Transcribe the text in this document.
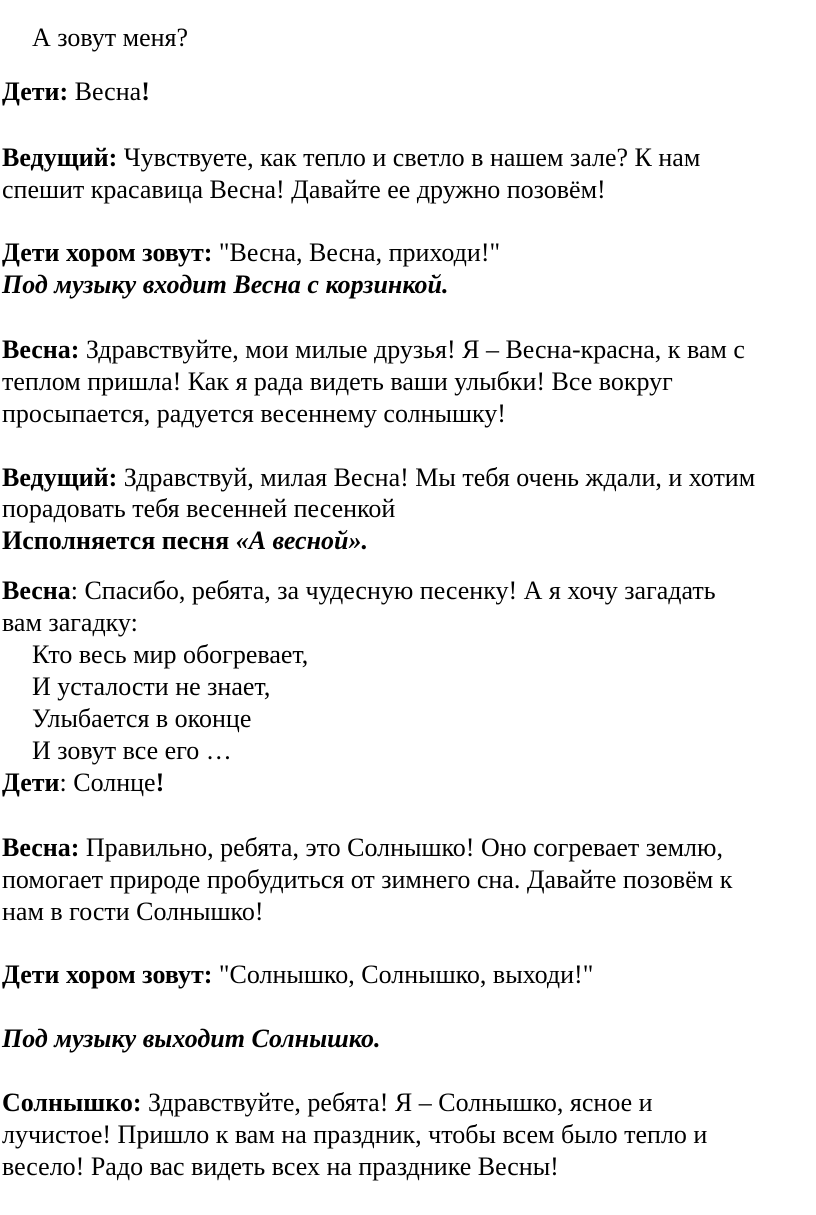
А зовут меня?
Дети: Весна!
Ведущий: Чувствуете, как тепло и светло в нашем зале? К нам
спешит красавица Весна! Давайте ее дружно позовём!
Дети хором зовут: "Весна, Весна, приходи!"
Под музыку входит Весна с корзинкой.
Весна: Здравствуйте, мои милые друзья! Я – Весна-красна, к вам с
теплом пришла! Как я рада видеть ваши улыбки! Все вокруг
просыпается, радуется весеннему солнышку!
Ведущий: Здравствуй, милая Весна! Мы тебя очень ждали, и хотим
порадовать тебя весенней песенкой
Исполняется песня «А весной».
Весна: Спасибо, ребята, за чудесную песенку! А я хочу загадать
вам загадку:
Кто весь мир обогревает,
И усталости не знает,
Улыбается в оконце
И зовут все его …
Дети: Солнце!
Весна: Правильно, ребята, это Солнышко! Оно согревает землю,
помогает природе пробудиться от зимнего сна. Давайте позовём к
нам в гости Солнышко!
Дети хором зовут: "Солнышко, Солнышко, выходи!"
Под музыку выходит Солнышко.
Солнышко: Здравствуйте, ребята! Я – Солнышко, ясное и
лучистое! Пришло к вам на праздник, чтобы всем было тепло и
весело! Радо вас видеть всех на празднике Весны!
